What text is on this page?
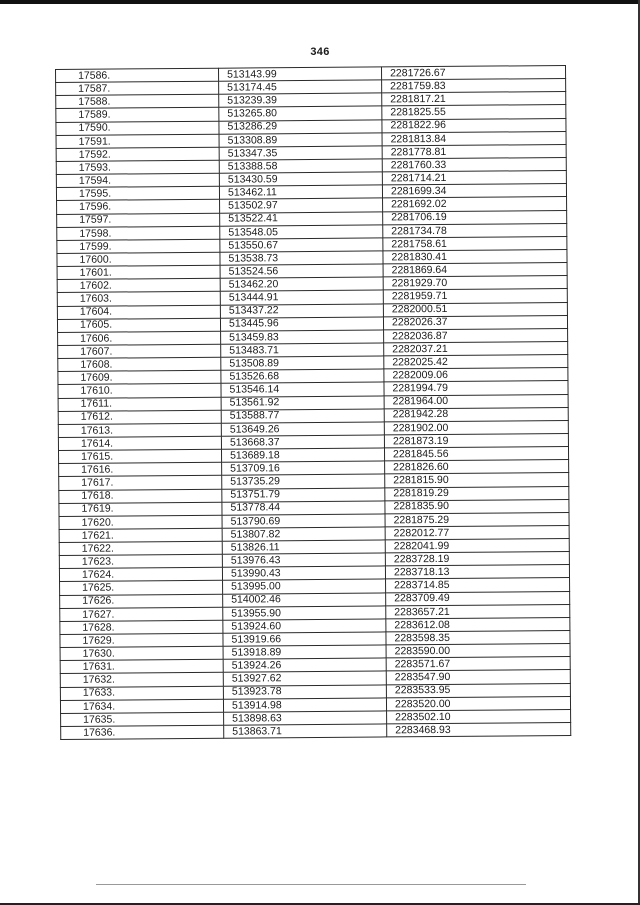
346
17586.	513143.99	2281726.67
17587.	513174.45	2281759.83
17588.	513239.39	2281817.21
17589.	513265.80	2281825.55
17590.	513286.29	2281822.96
17591.	513308.89	2281813.84
17592.	513347.35	2281778.81
17593.	513388.58	2281760.33
17594.	513430.59	2281714.21
17595.	513462.11	2281699.34
17596.	513502.97	2281692.02
17597.	513522.41	2281706.19
17598.	513548.05	2281734.78
17599.	513550.67	2281758.61
17600.	513538.73	2281830.41
17601.	513524.56	2281869.64
17602.	513462.20	2281929.70
17603.	513444.91	2281959.71
17604.	513437.22	2282000.51
17605.	513445.96	2282026.37
17606.	513459.83	2282036.87
17607.	513483.71	2282037.21
17608.	513508.89	2282025.42
17609.	513526.68	2282009.06
17610.	513546.14	2281994.79
17611.	513561.92	2281964.00
17612.	513588.77	2281942.28
17613.	513649.26	2281902.00
17614.	513668.37	2281873.19
17615.	513689.18	2281845.56
17616.	513709.16	2281826.60
17617.	513735.29	2281815.90
17618.	513751.79	2281819.29
17619.	513778.44	2281835.90
17620.	513790.69	2281875.29
17621.	513807.82	2282012.77
17622.	513826.11	2282041.99
17623.	513976.43	2283728.19
17624.	513990.43	2283718.13
17625.	513995.00	2283714.85
17626.	514002.46	2283709.49
17627.	513955.90	2283657.21
17628.	513924.60	2283612.08
17629.	513919.66	2283598.35
17630.	513918.89	2283590.00
17631.	513924.26	2283571.67
17632.	513927.62	2283547.90
17633.	513923.78	2283533.95
17634.	513914.98	2283520.00
17635.	513898.63	2283502.10
17636.	513863.71	2283468.93
